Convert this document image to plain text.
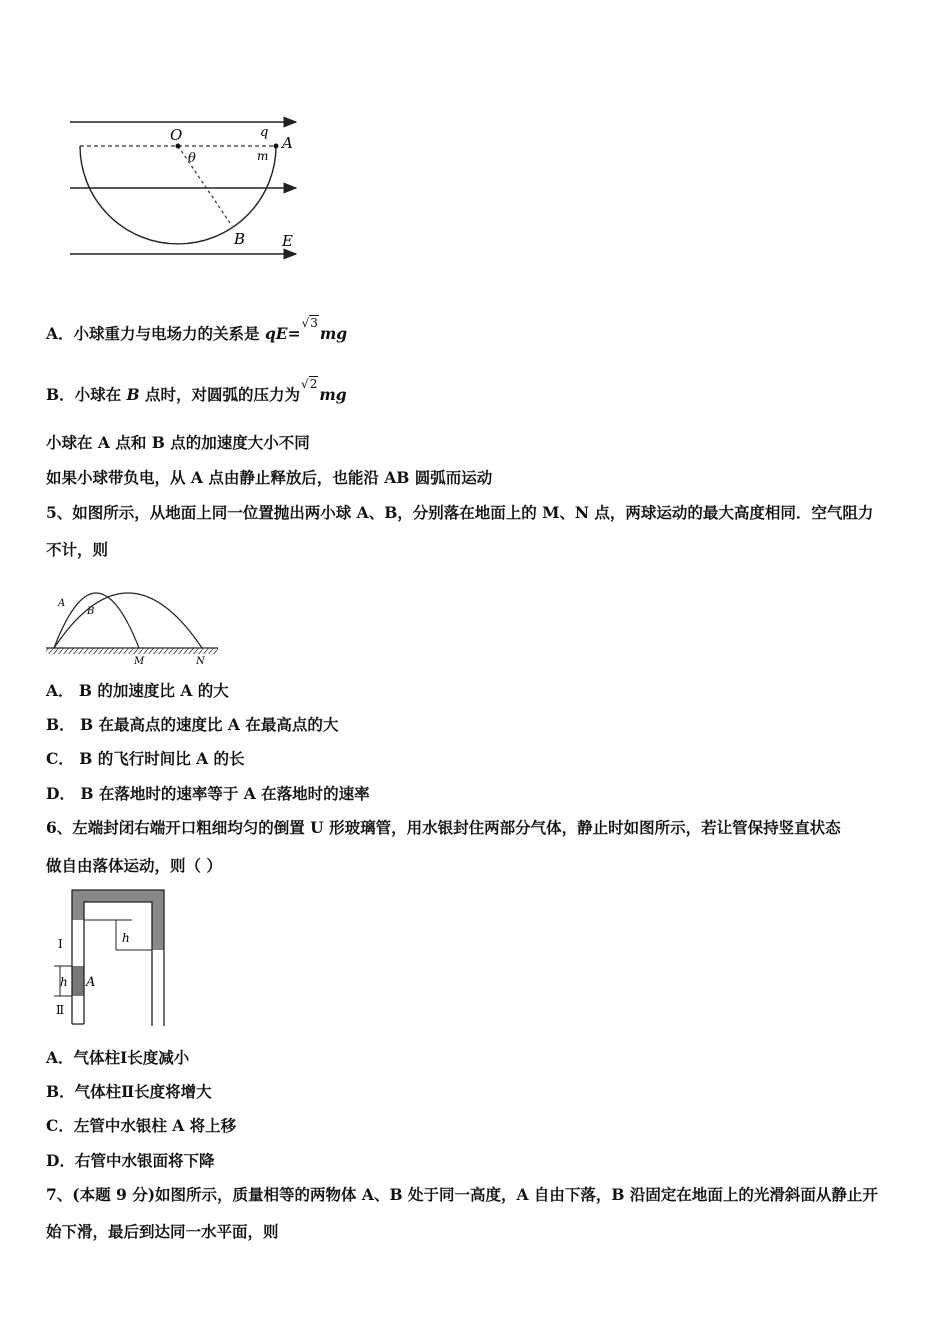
O
θ
q
m
A
B E
A．小球重力与电场力的关系是 qE=√3mg
B．小球在 B 点时，对圆弧的压力为√2mg
小球在 A 点和 B 点的加速度大小不同
如果小球带负电，从 A 点由静止释放后，也能沿 AB 圆弧而运动
5、如图所示，从地面上同一位置抛出两小球 A、B，分别落在地面上的 M、N 点，两球运动的最大高度相同．空气阻力
不计，则
A
B
M	N
A． B 的加速度比 A 的大
B． B 在最高点的速度比 A 在最高点的大
C． B 的飞行时间比 A 的长
D． B 在落地时的速率等于 A 在落地时的速率
6、左端封闭右端开口粗细均匀的倒置 U 形玻璃管，用水银封住两部分气体，静止时如图所示，若让管保持竖直状态
做自由落体运动，则（ ）
Ⅰ	h
h A
Ⅱ
A．气体柱Ⅰ长度减小
B．气体柱Ⅱ长度将增大
C．左管中水银柱 A 将上移
D．右管中水银面将下降
7、(本题 9 分)如图所示，质量相等的两物体 A、B 处于同一高度，A 自由下落，B 沿固定在地面上的光滑斜面从静止开
始下滑，最后到达同一水平面，则
